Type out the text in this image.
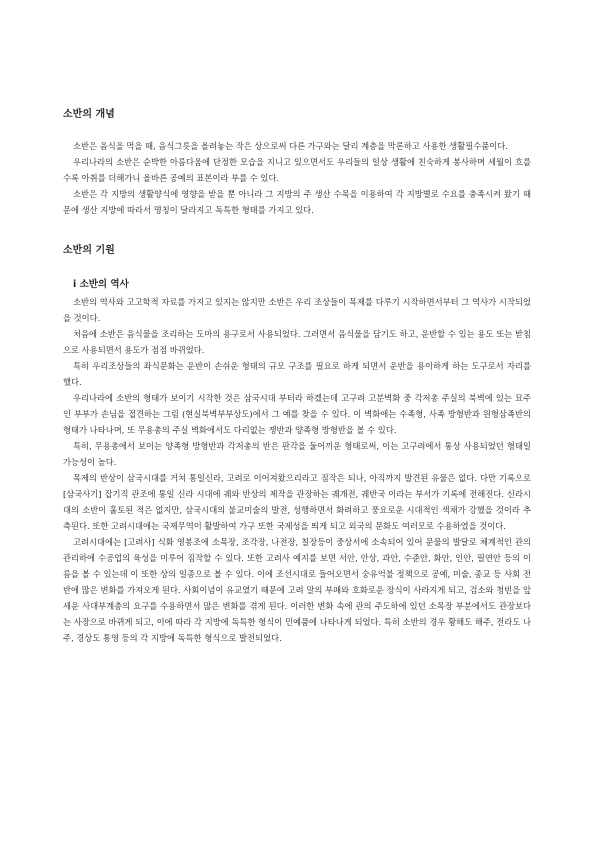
소반의 개념

소반은 음식을 먹을 때, 음식그릇을 올려놓는 작은 상으로써 다른 가구와는 달리 계층을 막론하고 사용한 생활필수품이다.

우리나라의 소반은 순박한 아름다움에 단정한 모습을 지니고 있으면서도 우리들의 일상 생활에 친숙하게 봉사하며 세월이 흐를수록 아취를 더해가니 올바른 공예의 표본이라 부를 수 있다.

소반은 각 지방의 생활양식에 영향을 받을 뿐 아니라 그 지방의 주 생산 수목을 이용하여 각 지방별로 수요를 충족시켜 왔기 때문에 생산 지방에 따라서 명칭이 달라지고 독특한 형태를 가지고 있다.

소반의 기원
ⅰ 소반의 역사

소반의 역사와 고고학적 자료를 가지고 있지는 않지만 소반은 우리 조상들이 목제를 다루기 시작하면서부터 그 역사가 시작되었을 것이다.

처음에 소반은 음식물을 조리하는 도마의 용구로서 사용되었다. 그러면서 음식물을 담기도 하고, 운반할 수 있는 용도 또는 받침으로 사용되면서 용도가 점점 바뀌었다.

특히 우리조상들의 좌식문화는 운반이 손쉬운 형태의 규모 구조를 필요로 하게 되면서 운반을 용이하게 하는 도구로서 자리를 했다.

우리나라에 소반의 형태가 보이기 시작한 것은 삼국시대 부터라 하겠는데 고구려 고분벽화 중 각저총 주실의 북벽에 있는 묘주인 부부가 손님을 접견하는 그림 (현실북벽부부상도)에서 그 예를 찾을 수 있다. 이 벽화에는 수족형, 사족 방형반과 원형삼족반의 형태가 나타나며, 또 무용총의 주실 벽화에서도 다리없는 쟁반과 양족형 방형반을 볼 수 있다.

특히, 무용총에서 보이는 양족형 방형반과 각저총의 반은 판각을 둘어끼운 형태로써, 이는 고구려에서 통상 사용되었던 형태일 가능성이 높다.

목제의 반상이 삼국시대를 거쳐 통일신라, 고려로 이어져왔으리라고 짐작은 되나, 아직까지 발견된 유물은 없다. 다만 기록으로 [삼국사기] 잡기직 관조에 통일 신라 시대에 궤와 반상의 제작을 관장하는 궤개전, 궤반국 이라는 부서가 기록에 전해진다. 신라시대의 소반이 훌토된 적은 없지만, 삼국시대의 불교미술의 발전, 성행하면서 화려하고 풍요로운 시대적인 색채가 강했을 것이라 추측된다. 또한 고려시대에는 국제무역이 활발하여 가구 또한 국제성을 띄게 되고 외국의 문화도 여러모로 수용하였을 것이다.

고려시대에는 [고려사] 식화 영봉조에 소목장, 조각장, 나전장, 칠장등이 중상서에 소속되어 있어 문물의 발달로 체계적인 관의 관리하에 수공업의 육성을 미루어 짐작할 수 있다. 또한 고려사 예지를 보면 서안, 안상, 과안, 수준안, 화안, 인안, 필연안 등의 이름을 볼 수 있는데 이 또한 상의 일종으로 볼 수 있다. 이에 조선시대로 들어오면서 숭유억불 정책으로 공예, 미술, 종교 등 사회 전반에 많은 변화를 가져오게 된다. 사회이념이 유교였기 때문에 고려 말의 부패와 호화로운 장식이 사라지게 되고, 검소와 청빈을 앞세운 사대부계층의 요구를 수용하면서 많은 변화를 겪게 된다. 이러한 변화 속에 관의 주도하에 있던 소목장 부분에서도 관장보다는 사장으로 바뀌게 되고, 이에 따라 각 지방에 독특한 형식이 민예품에 나타나게 되었다. 특히 소반의 경우 황해도 해주, 전라도 나주, 경상도 통영 등의 각 지방에 독특한 형식으로 발전되었다.
